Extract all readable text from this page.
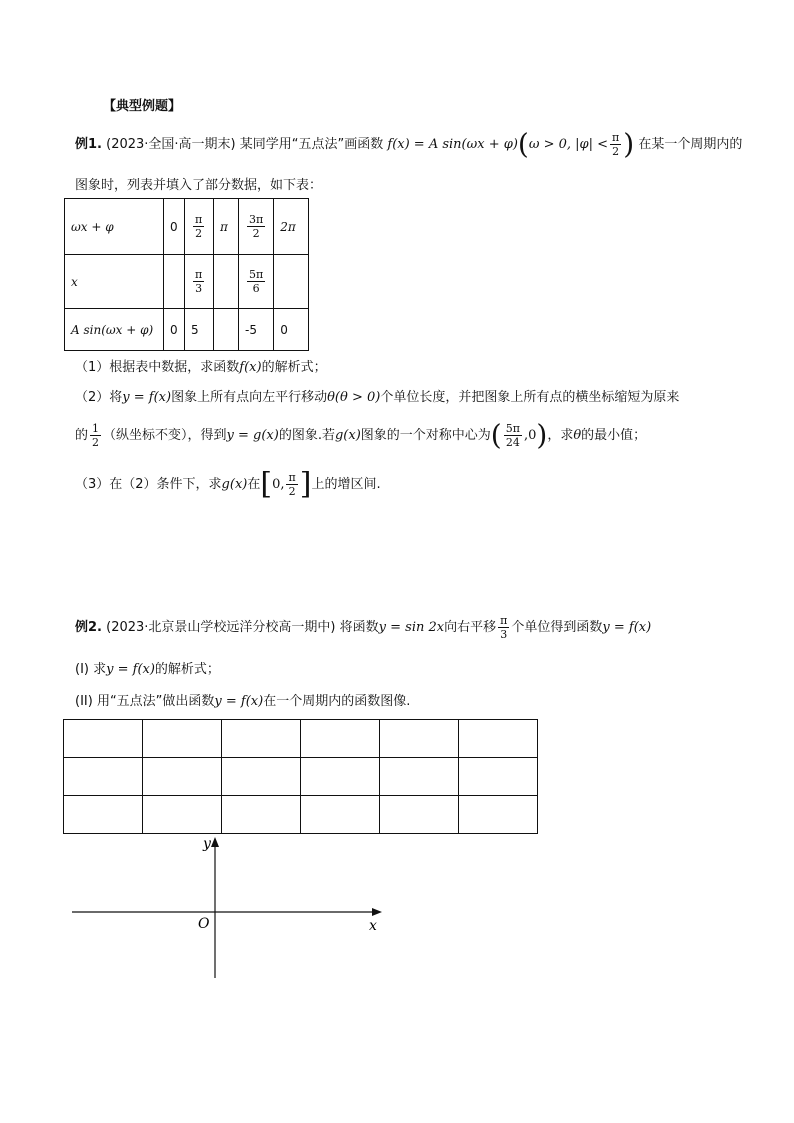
【典型例题】
例1. (2023·全国·高一期末) 某同学用“五点法”画函数 f(x) = A sin(ωx + φ)(ω > 0, $|\varphi| < \frac{\pi}{2}$ ) 在某一个周期内的
图象时，列表并填入了部分数据，如下表：
ωx + φ	0	$\frac{\pi}{2}$	π	$\frac{3\pi}{2}$	2π
x		$\frac{\pi}{3}$		$\frac{5\pi}{6}$

A sin(ωx + φ)	0	5		-5	0
（1）根据表中数据，求函数f(x)的解析式；
（2）将y = f(x)图象上所有点向左平行移动θ(θ > 0)个单位长度，并把图象上所有点的横坐标缩短为原来
的 $\frac{1}{2}$ （纵坐标不变），得到y = g(x)的图象.若g(x)图象的一个对称中心为( $\frac{5\pi}{24} ,0$)，求θ的最小值；
（3）在（2）条件下，求g(x)在[0, $\frac{\pi}{2}$ ]上的增区间.
例2. (2023·北京景山学校远洋分校高一期中) 将函数y = sin 2x向右平移 $\frac{\pi}{3}$ 个单位得到函数y = f(x)
(I) 求y = f(x)的解析式；
(II) 用“五点法”做出函数y = f(x)在一个周期内的函数图像.

y
x
O
